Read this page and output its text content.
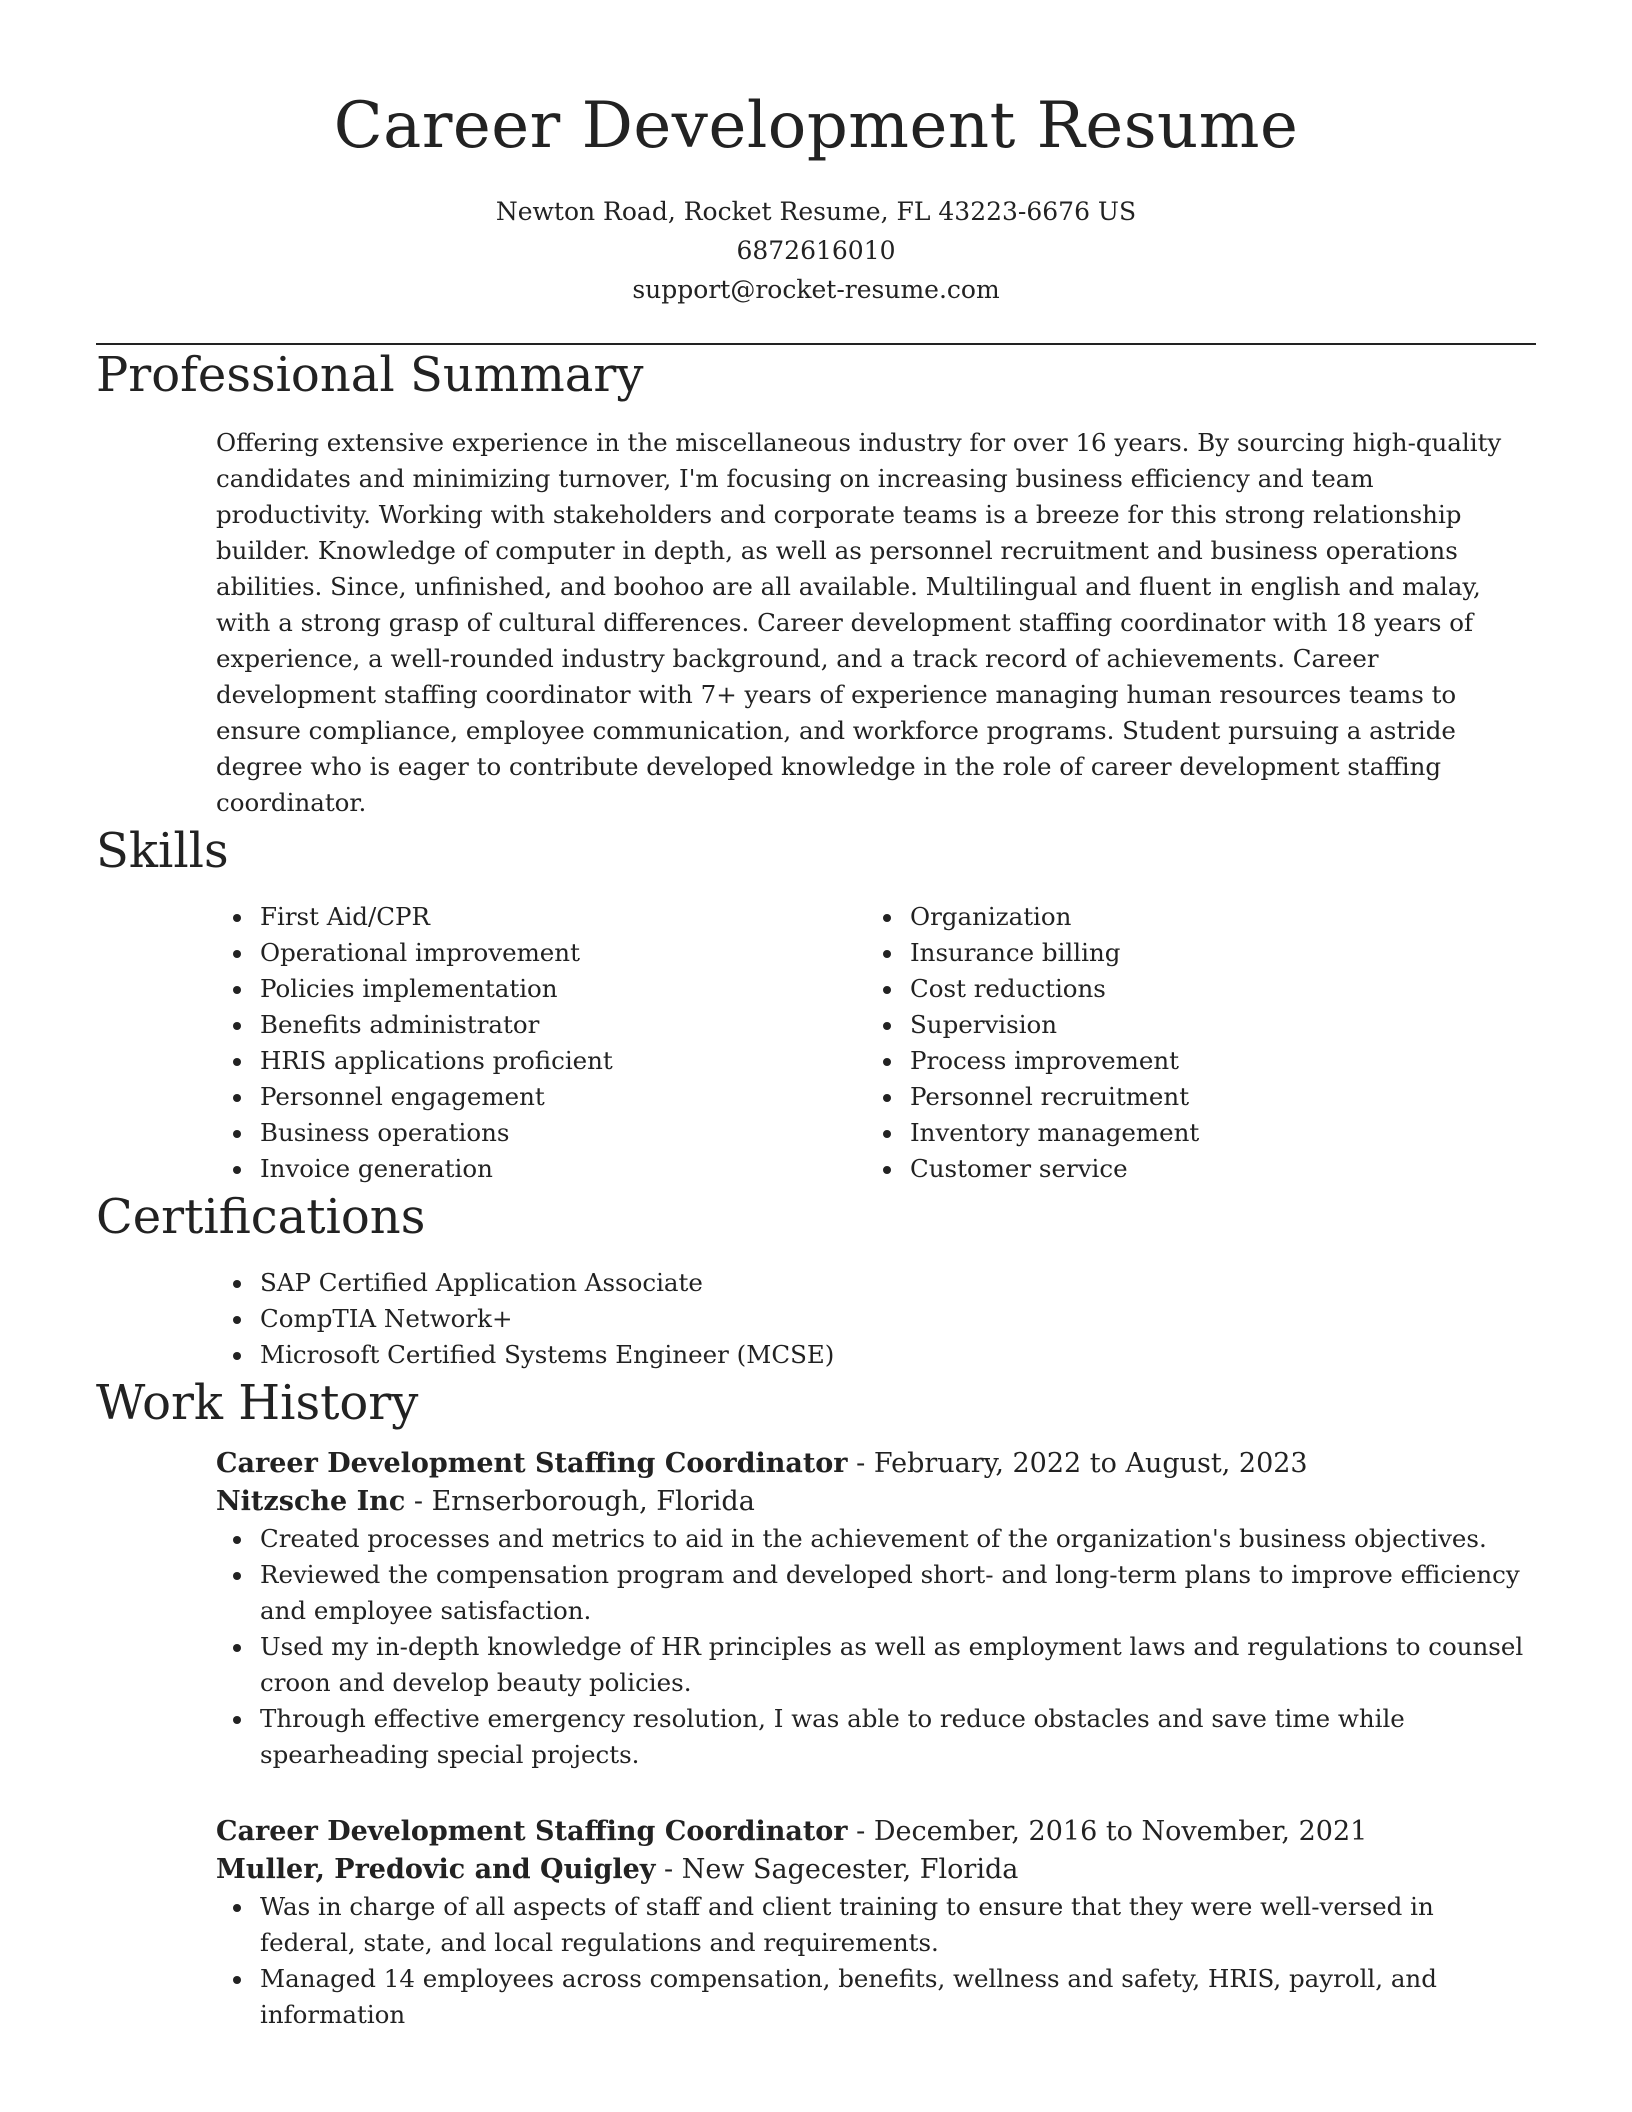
Career Development Resume
Newton Road, Rocket Resume, FL 43223-6676 US
6872616010
support@rocket-resume.com
Professional Summary
Offering extensive experience in the miscellaneous industry for over 16 years. By sourcing high-quality candidates and minimizing turnover, I'm focusing on increasing business efficiency and team productivity. Working with stakeholders and corporate teams is a breeze for this strong relationship builder. Knowledge of computer in depth, as well as personnel recruitment and business operations abilities. Since, unfinished, and boohoo are all available. Multilingual and fluent in english and malay, with a strong grasp of cultural differences. Career development staffing coordinator with 18 years of experience, a well-rounded industry background, and a track record of achievements. Career development staffing coordinator with 7+ years of experience managing human resources teams to ensure compliance, employee communication, and workforce programs. Student pursuing a astride degree who is eager to contribute developed knowledge in the role of career development staffing coordinator.
Skills
First Aid/CPR
Operational improvement
Policies implementation
Benefits administrator
HRIS applications proficient
Personnel engagement
Business operations
Invoice generation
Organization
Insurance billing
Cost reductions
Supervision
Process improvement
Personnel recruitment
Inventory management
Customer service
Certifications
SAP Certified Application Associate
CompTIA Network+
Microsoft Certified Systems Engineer (MCSE)
Work History
Career Development Staffing Coordinator - February, 2022 to August, 2023
Nitzsche Inc - Ernserborough, Florida
Created processes and metrics to aid in the achievement of the organization's business objectives.
Reviewed the compensation program and developed short- and long-term plans to improve efficiency and employee satisfaction.
Used my in-depth knowledge of HR principles as well as employment laws and regulations to counsel croon and develop beauty policies.
Through effective emergency resolution, I was able to reduce obstacles and save time while spearheading special projects.
Career Development Staffing Coordinator - December, 2016 to November, 2021
Muller, Predovic and Quigley - New Sagecester, Florida
Was in charge of all aspects of staff and client training to ensure that they were well-versed in federal, state, and local regulations and requirements.
Managed 14 employees across compensation, benefits, wellness and safety, HRIS, payroll, and information
